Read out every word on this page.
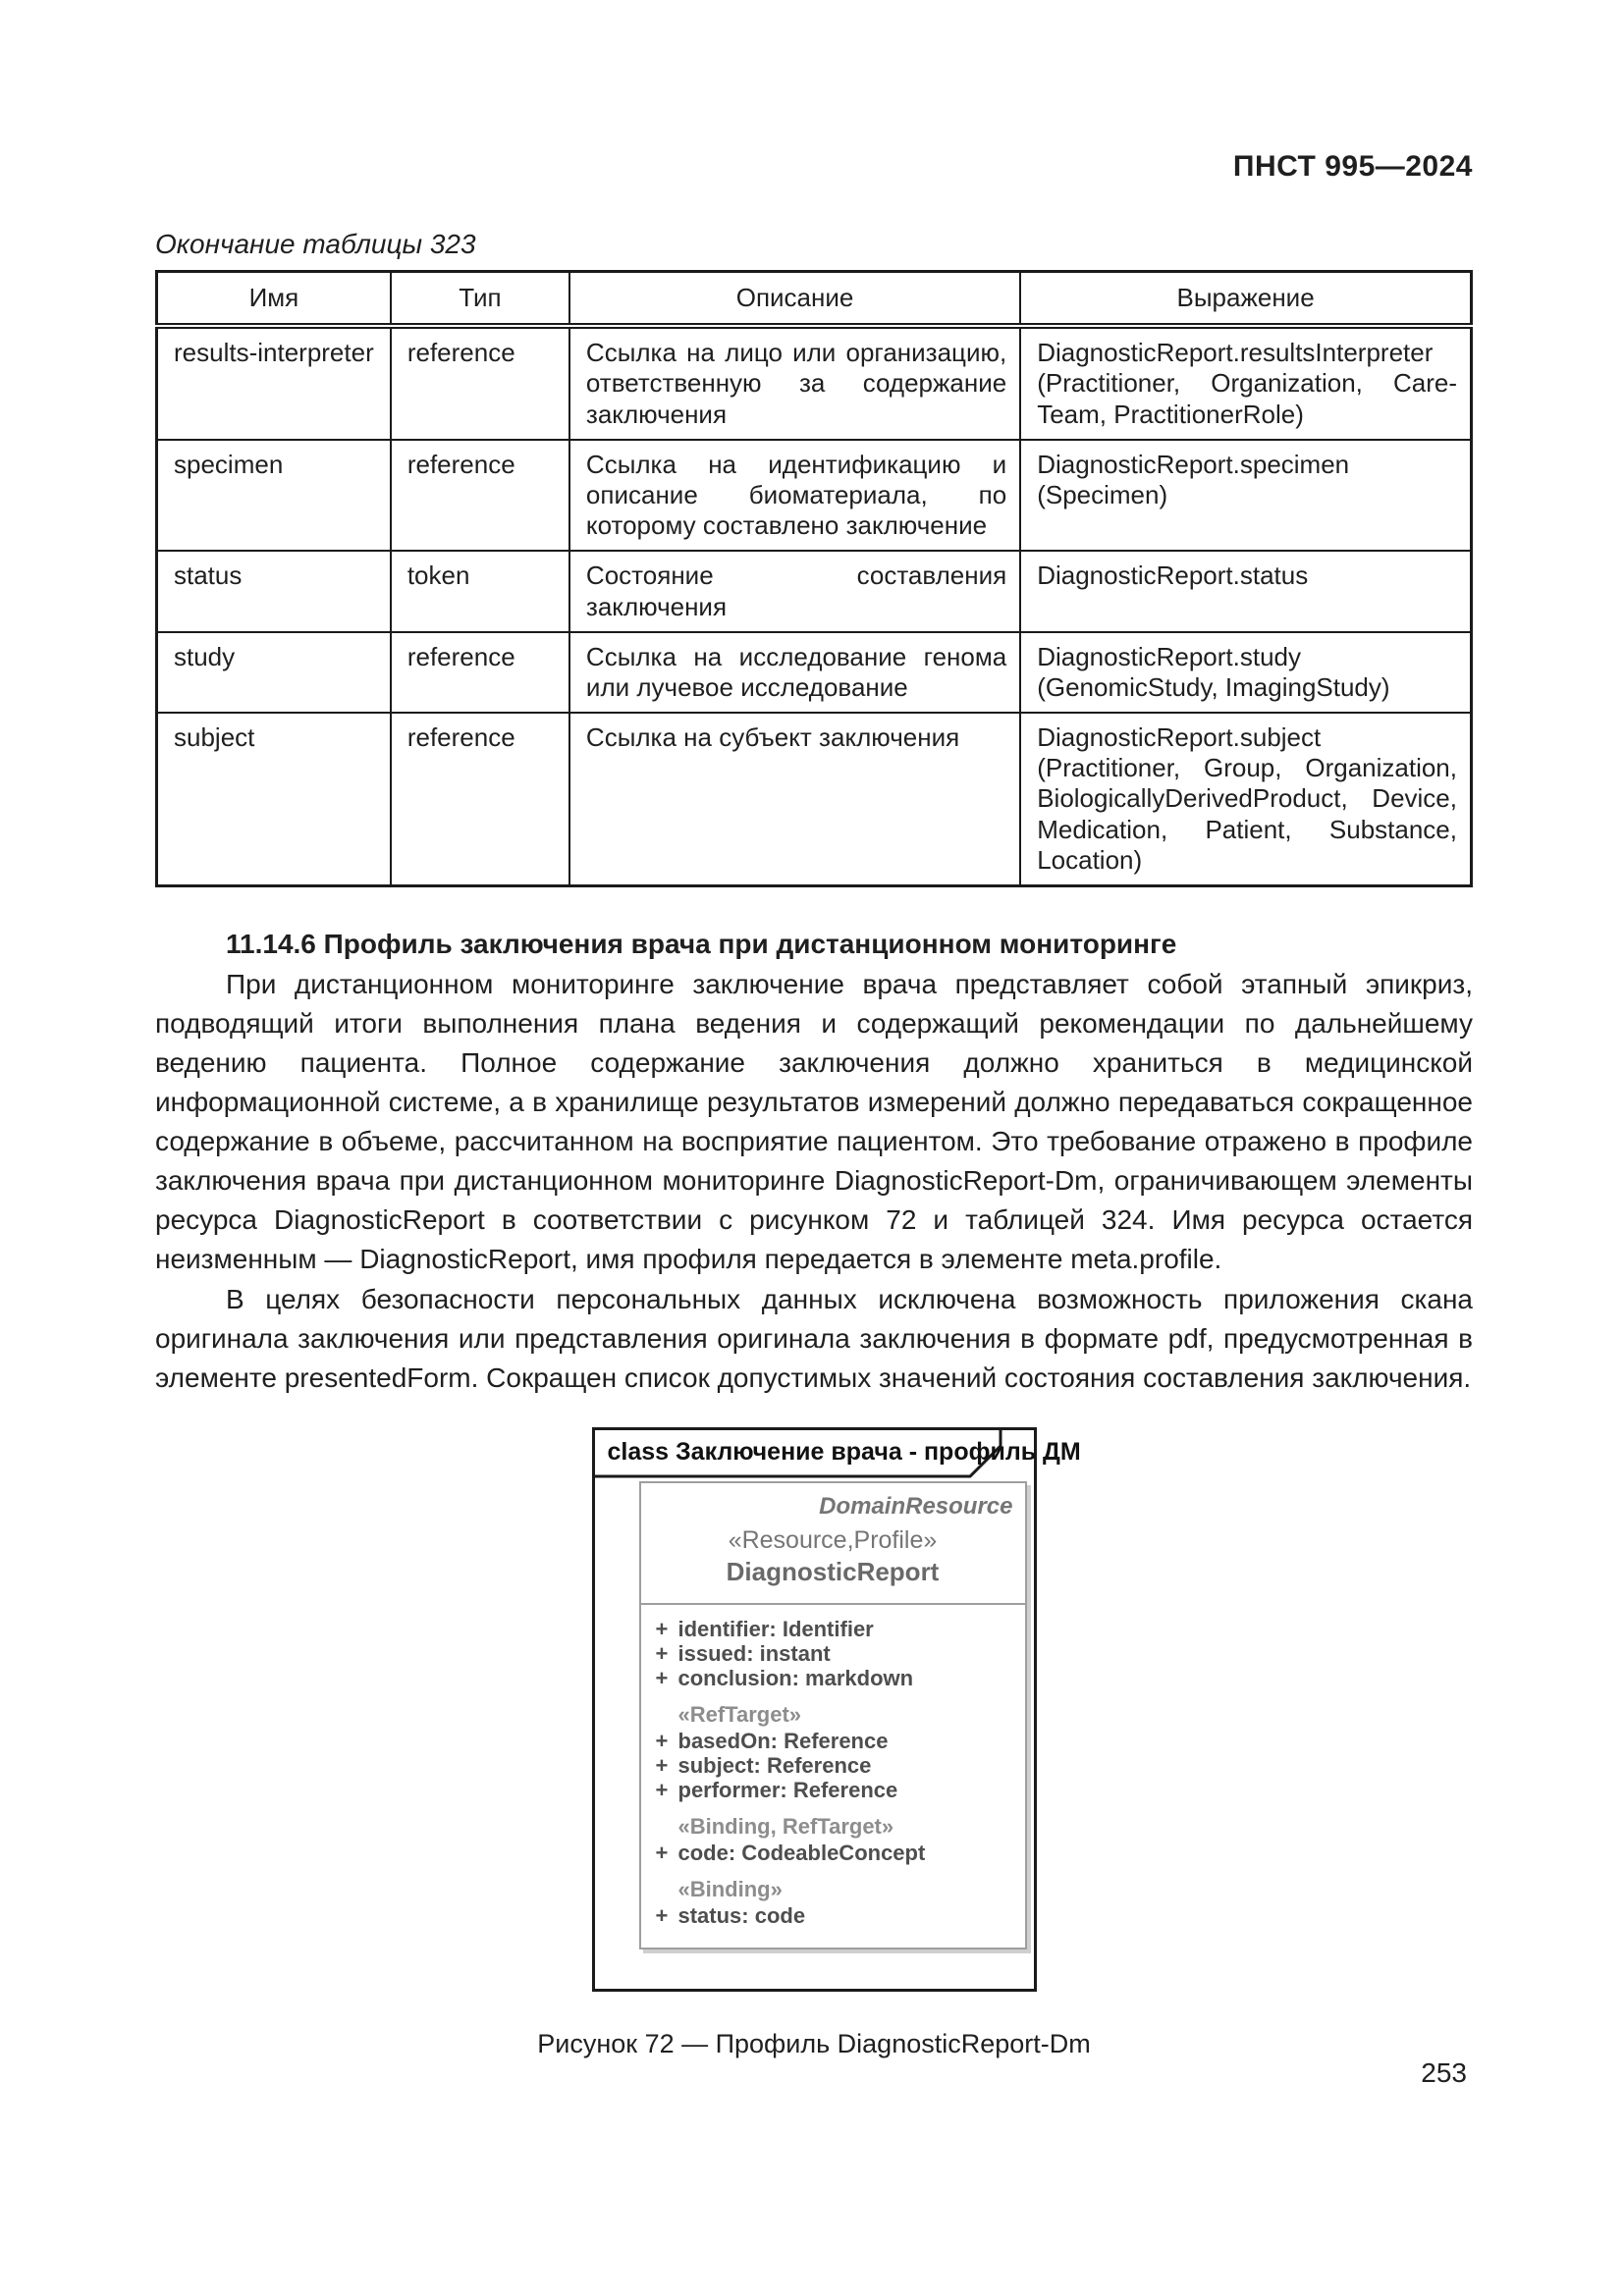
ПНСТ 995—2024
Окончание таблицы 323
Имя	Тип	Описание	Выражение
results-interpreter	reference	Ссылка на лицо или организацию, ответственную за содержание заключения	DiagnosticReport.resultsInterpreter (Practitioner, Organization, Care-Team, PractitionerRole)
specimen	reference	Ссылка на идентификацию и описание биоматериала, по которому составлено заключение	DiagnosticReport.specimen (Specimen)
status	token	Состояние составления заключения	DiagnosticReport.status
study	reference	Ссылка на исследование генома или лучевое исследование	DiagnosticReport.study (GenomicStudy, ImagingStudy)
subject	reference	Ссылка на субъект заключения	DiagnosticReport.subject (Practitioner, Group, Organization, BiologicallyDerivedProduct, Device, Medication, Patient, Substance, Location)
11.14.6 Профиль заключения врача при дистанционном мониторинге

При дистанционном мониторинге заключение врача представляет собой этапный эпикриз, подводящий итоги выполнения плана ведения и содержащий рекомендации по дальнейшему ведению пациента. Полное содержание заключения должно храниться в медицинской информационной системе, а в хранилище результатов измерений должно передаваться сокращенное содержание в объеме, рассчитанном на восприятие пациентом. Это требование отражено в профиле заключения врача при дистанционном мониторинге DiagnosticReport-Dm, ограничивающем элементы ресурса DiagnosticReport в соответствии с рисунком 72 и таблицей 324. Имя ресурса остается неизменным — DiagnosticReport, имя профиля передается в элементе meta.profile.

В целях безопасности персональных данных исключена возможность приложения скана оригинала заключения или представления оригинала заключения в формате pdf, предусмотренная в элементе presentedForm. Сокращен список допустимых значений состояния составления заключения.

class Заключение врача - профиль ДМ
DomainResource
«Resource,Profile»
DiagnosticReport
+ identifier: Identifier
+ issued: instant
+ conclusion: markdown
«RefTarget»
+ basedOn: Reference
+ subject: Reference
+ performer: Reference
«Binding, RefTarget»
+ code: CodeableConcept
«Binding»
+ status: code
Рисунок 72 — Профиль DiagnosticReport-Dm
253
